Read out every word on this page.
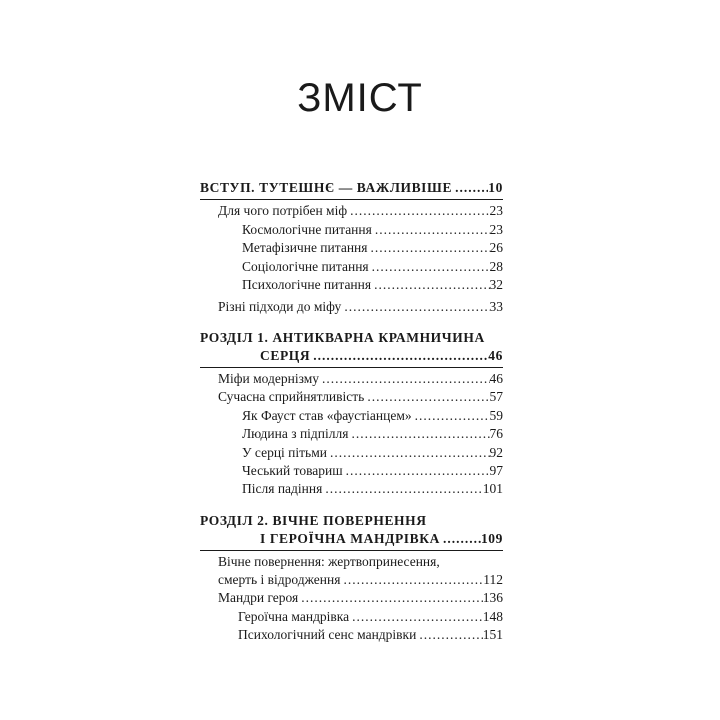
ЗМІСТ
ВСТУП. ТУТЕШНЄ — ВАЖЛИВІШЕ .....	10
Для чого потрібен міф .....	23
Космологічне питання .....	23
Метафізичне питання .....	26
Соціологічне питання .....	28
Психологічне питання .....	32
Різні підходи до міфу .....	33
РОЗДІЛ 1. АНТИКВАРНА КРАМНИЧИНА
СЕРЦЯ .....	46
Міфи модернізму .....	46
Сучасна сприйнятливість .....	57
Як Фауст став «фаустіанцем» .....	59
Людина з підпілля .....	76
У серці пітьми .....	92
Чеський товариш .....	97
Після падіння .....	101
РОЗДІЛ 2. ВІЧНЕ ПОВЕРНЕННЯ
І ГЕРОЇЧНА МАНДРІВКА .....	109
Вічне повернення: жертвопринесення,
смерть і відродження .....	112
Мандри героя .....	136
Героїчна мандрівка .....	148
Психологічний сенс мандрівки .....	151
